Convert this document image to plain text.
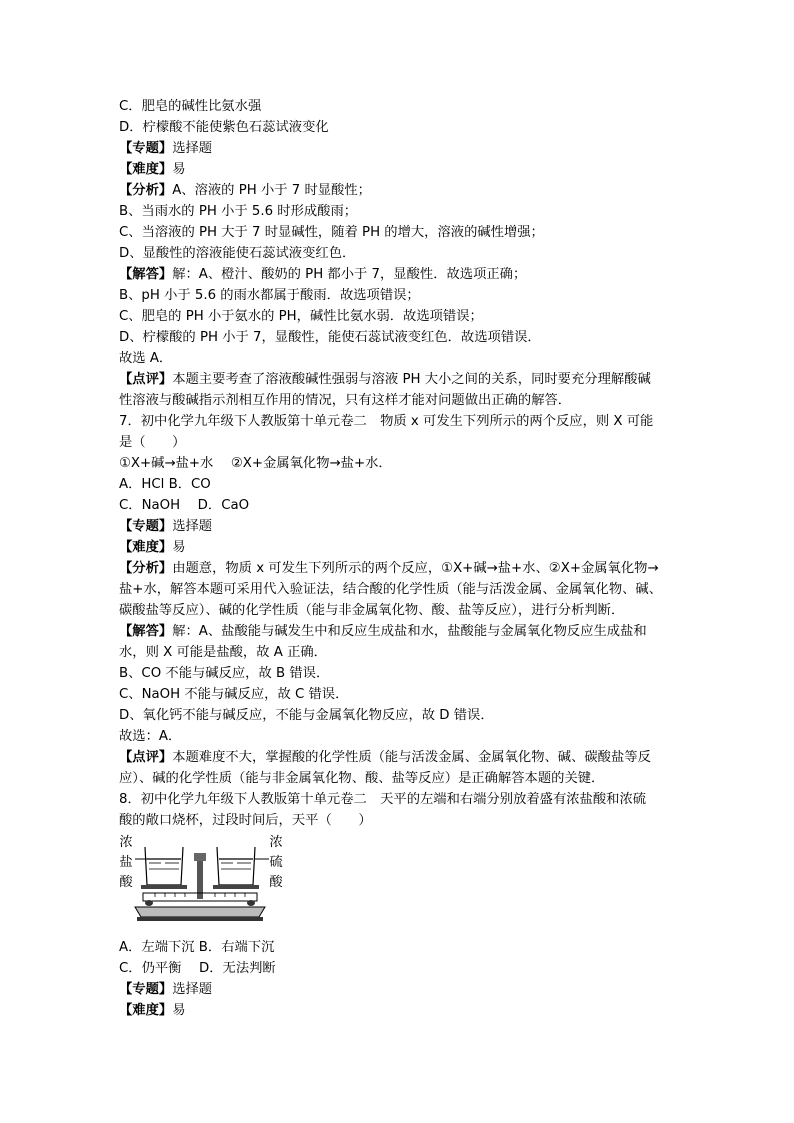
C．肥皂的碱性比氨水强
D．柠檬酸不能使紫色石蕊试液变化
【专题】选择题
【难度】易
【分析】A、溶液的 PH 小于 7 时显酸性；
B、当雨水的 PH 小于 5.6 时形成酸雨；
C、当溶液的 PH 大于 7 时显碱性，随着 PH 的增大，溶液的碱性增强；
D、显酸性的溶液能使石蕊试液变红色．
【解答】解：A、橙汁、酸奶的 PH 都小于 7，显酸性．故选项正确；
B、pH 小于 5.6 的雨水都属于酸雨．故选项错误；
C、肥皂的 PH 小于氨水的 PH，碱性比氨水弱．故选项错误；
D、柠檬酸的 PH 小于 7，显酸性，能使石蕊试液变红色．故选项错误．
故选 A．
【点评】本题主要考查了溶液酸碱性强弱与溶液 PH 大小之间的关系，同时要充分理解酸碱
性溶液与酸碱指示剂相互作用的情况，只有这样才能对问题做出正确的解答．
7．初中化学九年级下人教版第十单元卷二　物质 x 可发生下列所示的两个反应，则 X 可能
是（　　）
①X+碱→盐+水　 ②X+金属氧化物→盐+水．
A．HCl B．CO
C．NaOH　 D．CaO
【专题】选择题
【难度】易
【分析】由题意，物质 x 可发生下列所示的两个反应，①X+碱→盐+水、②X+金属氧化物→
盐+水，解答本题可采用代入验证法，结合酸的化学性质（能与活泼金属、金属氧化物、碱、
碳酸盐等反应）、碱的化学性质（能与非金属氧化物、酸、盐等反应），进行分析判断．
【解答】解：A、盐酸能与碱发生中和反应生成盐和水，盐酸能与金属氧化物反应生成盐和
水，则 X 可能是盐酸，故 A 正确．
B、CO 不能与碱反应，故 B 错误．
C、NaOH 不能与碱反应，故 C 错误．
D、氧化钙不能与碱反应，不能与金属氧化物反应，故 D 错误．
故选：A．
【点评】本题难度不大，掌握酸的化学性质（能与活泼金属、金属氧化物、碱、碳酸盐等反
应）、碱的化学性质（能与非金属氧化物、酸、盐等反应）是正确解答本题的关键．
8．初中化学九年级下人教版第十单元卷二　天平的左端和右端分别放着盛有浓盐酸和浓硫
酸的敞口烧杯，过段时间后，天平（　　）
浓
盐
酸
浓
硫
酸
A．左端下沉 B．右端下沉
C．仍平衡　 D．无法判断
【专题】选择题
【难度】易
